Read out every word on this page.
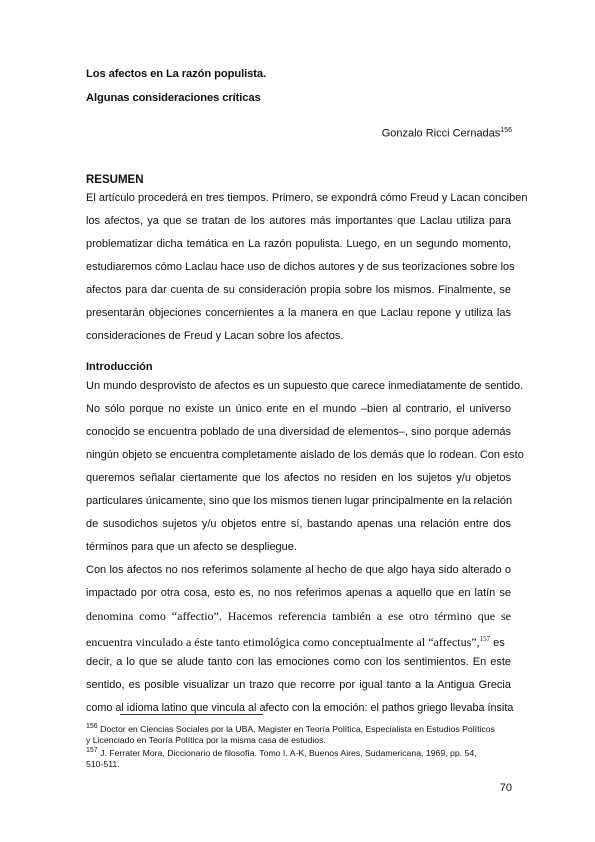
Los afectos en La razón populista.
Algunas consideraciones críticas
Gonzalo Ricci Cernadas$^{156}$
RESUMEN
El artículo procederá en tres tiempos. Primero, se expondrá cómo Freud y Lacan conciben
los afectos, ya que se tratan de los autores más importantes que Laclau utiliza para
problematizar dicha temática en La razón populista. Luego, en un segundo momento,
estudiaremos cómo Laclau hace uso de dichos autores y de sus teorizaciones sobre los
afectos para dar cuenta de su consideración propia sobre los mismos. Finalmente, se
presentarán objeciones concernientes a la manera en que Laclau repone y utiliza las
consideraciones de Freud y Lacan sobre los afectos.
Introducción
Un mundo desprovisto de afectos es un supuesto que carece inmediatamente de sentido.
No sólo porque no existe un único ente en el mundo –bien al contrario, el universo
conocido se encuentra poblado de una diversidad de elementos–, sino porque además
ningún objeto se encuentra completamente aislado de los demás que lo rodean. Con esto
queremos señalar ciertamente que los afectos no residen en los sujetos y/u objetos
particulares únicamente, sino que los mismos tienen lugar principalmente en la relación
de susodichos sujetos y/u objetos entre sí, bastando apenas una relación entre dos
términos para que un afecto se despliegue.
Con los afectos no nos referimos solamente al hecho de que algo haya sido alterado o
impactado por otra cosa, esto es, no nos referimos apenas a aquello que en latín se
denomina como “affectio”. Hacemos referencia también a ese otro término que se
encuentra vinculado a éste tanto etimológica como conceptualmente al “affectus”,$^{157}$ es
decir, a lo que se alude tanto con las emociones como con los sentimientos. En este
sentido, es posible visualizar un trazo que recorre por igual tanto a la Antigua Grecia
como al idioma latino que vincula al afecto con la emoción: el pathos griego llevaba ínsita
$^{156}$ Doctor en Ciencias Sociales por la UBA, Magister en Teoría Política, Especialista en Estudios Políticos
y Licenciado en Teoría Política por la misma casa de estudios.
$^{157}$ J. Ferrater Mora, Diccionario de filosofía. Tomo I. A-K, Buenos Aires, Sudamericana, 1969, pp. 54,
510-511.
70
